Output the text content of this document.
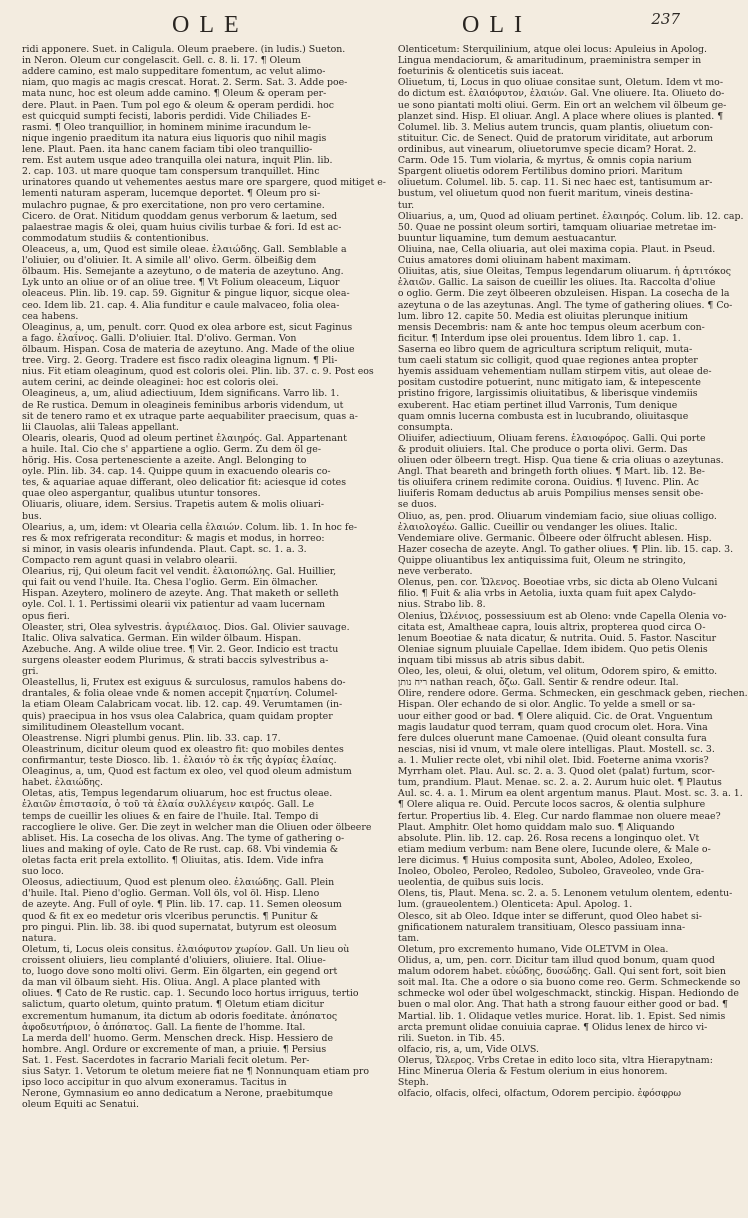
OLE	OLI	237
ridi apponere. Suet. in Caligula. Oleum praebere. (in ludis.) Sueton.
in Neron. Oleum cur congelascit. Gell. c. 8. li. 17. ¶ Oleum
addere camino, est malo suppeditare fomentum, ac velut alimo-
niam, quo magis ac magis crescat. Horat. 2. Serm. Sat. 3. Adde poe-
mata nunc, hoc est oleum adde camino. ¶ Oleum & operam per-
dere. Plaut. in Paen. Tum pol ego & oleum & operam perdidi. hoc
est quicquid sumpti fecisti, laboris perdidi. Vide Chiliades E-
rasmi. ¶ Oleo tranquillior, in hominem minime iracundum le-
nique ingenio praeditum ita natura eius liquoris quo nihil magis
lene. Plaut. Paen. ita hanc canem faciam tibi oleo tranquillio-
rem. Est autem usque adeo tranquilla olei natura, inquit Plin. lib.
2. cap. 103. ut mare quoque tam conspersum tranquillet. Hinc
urinatores quando ut vehementes aestus mare ore spargere, quod mitiget e-
lementi naturam asperam, lucemque deportet. ¶ Oleum pro si-
mulachro pugnae, & pro exercitatione, non pro vero certamine.
Cicero. de Orat. Nitidum quoddam genus verborum & laetum, sed
palaestrae magis & olei, quam huius civilis turbae & fori. Id est ac-
commodatum studiis & contentionibus.
Oleaceus, a, um, Quod est simile oleae. ἐλαιώδης. Gall. Semblable a
l'oliuier, ou d'oliuier. It. A simile all' olivo. Germ. ölbeißig dem
ölbaum. His. Semejante a azeytuno, o de materia de azeytuno. Ang.
Lyk unto an oliue or of an oliue tree. ¶ Vt Folium oleaceum, Liquor
oleaceus. Plin. lib. 19. cap. 59. Gignitur & pingue liquor, sicque olea-
ceo. Idem lib. 21. cap. 4. Alia funditur e caule malvaceo, folia olea-
cea habens.
Oleaginus, a, um, penult. corr. Quod ex olea arbore est, sicut Faginus
a fago. ἐλαΐνος. Galli. D'oliuier. Ital. D'olivo. German. Von
ölbaum. Hispan. Cosa de materia de azeytuno. Ang. Made of the oliue
tree. Virg. 2. Georg. Tradere est fisco radix oleagina lignum. ¶ Pli-
nius. Fit etiam oleaginum, quod est coloris olei. Plin. lib. 37. c. 9. Post eos
autem cerini, ac deinde oleaginei: hoc est coloris olei.
Oleagineus, a, um, aliud adiectiuum, Idem significans. Varro lib. 1.
de Re rustica. Demum in oleagineis feminibus arboris videndum, ut
sit de tenero ramo et ex utraque parte aequabiliter praecisum, quas a-
lii Clauolas, alii Taleas appellant.
Olearis, olearis, Quod ad oleum pertinet ἐλαιηρός. Gal. Appartenant
a huile. Ital. Cio che s' appartiene a oglio. Germ. Zu dem öl ge-
hörig. His. Cosa pertenesciente a azeite. Angl. Belonging to
oyle. Plin. lib. 34. cap. 14. Quippe quum in exacuendo olearis co-
tes, & aquariae aquae differant, oleo delicatior fit: aciesque id cotes
quae oleo aspergantur, qualibus utuntur tonsores.
Oliuaris, oliuare, idem. Sersius. Trapetis autem & molis oliuari-
bus.
Olearius, a, um, idem: vt Olearia cella ἐλαιών. Colum. lib. 1. In hoc fe-
res & mox refrigerata reconditur: & magis et modus, in horreo:
si minor, in vasis olearis infundenda. Plaut. Capt. sc. 1. a. 3.
Compacto rem agunt quasi in velabro olearii.
Olearius, rij, Qui oleum facit vel vendit. ἐλαιοπώλης. Gal. Huillier,
qui fait ou vend l'huile. Ita. Chesa l'oglio. Germ. Ein ölmacher.
Hispan. Azeytero, molinero de azeyte. Ang. That maketh or selleth
oyle. Col. l. 1. Pertissimi olearii vix patientur ad vaam lucernam
opus fieri.
Oleaster, stri, Olea sylvestris. ἀγριέλαιος. Dios. Gal. Olivier sauvage.
Italic. Oliva salvatica. German. Ein wilder ölbaum. Hispan.
Azebuche. Ang. A wilde oliue tree. ¶ Vir. 2. Geor. Indicio est tractu
surgens oleaster eodem Plurimus, & strati baccis sylvestribus a-
gri.
Oleastellus, li, Frutex est exiguus & surculosus, ramulos habens do-
drantales, & folia oleae vnde & nomen accepit ζηματίνη. Columel-
la etiam Oleam Calabricam vocat. lib. 12. cap. 49. Verumtamen (in-
quis) praecipua in hos vsus olea Calabrica, quam quidam propter
similitudinem Oleastellum vocant.
Oleastrense. Nigri plumbi genus. Plin. lib. 33. cap. 17.
Oleastrinum, dicitur oleum quod ex oleastro fit: quo mobiles dentes
confirmantur, teste Diosco. lib. 1. ἐλαιόν τὸ ἐκ τῆς ἀγρίας ἐλαίας.
Oleaginus, a, um, Quod est factum ex oleo, vel quod oleum admistum
habet. ἐλαιώδης.
Oletas, atis, Tempus legendarum oliuarum, hoc est fructus oleae.
ἐλαιῶν ἐπιστασία, ὁ τοῦ τὰ ἐλαία συλλέγειν καιρός. Gall. Le
temps de cueillir les oliues & en faire de l'huile. Ital. Tempo di
raccogliere le olive. Ger. Die zeyt in welcher man die Oliuen oder ölbeere
abliset. His. La cosecha de los olivas. Ang. The tyme of gathering o-
liues and making of oyle. Cato de Re rust. cap. 68. Vbi vindemia &
oletas facta erit prela extollito. ¶ Oliuitas, atis. Idem. Vide infra
suo loco.
Oleosus, adiectiuum, Quod est plenum oleo. ἐλαιώδης. Gall. Plein
d'huile. Ital. Pieno d'oglio. German. Voll öls, vol öl. Hisp. Lleno
de azeyte. Ang. Full of oyle. ¶ Plin. lib. 17. cap. 11. Semen oleosum
quod & fit ex eo medetur oris vlceribus perunctis. ¶ Punitur &
pro pingui. Plin. lib. 38. ibi quod supernatat, butyrum est oleosum
natura.
Oletum, ti, Locus oleis consitus. ἐλαιόφυτον χωρίον. Gall. Un lieu où
croissent oliuiers, lieu complanté d'oliuiers, oliuiere. Ital. Oliue-
to, luogo dove sono molti olivi. Germ. Ein ölgarten, ein gegend ort
da man vil ölbaum sieht. His. Oliua. Angl. A place planted with
oliues. ¶ Cato de Re rustic. cap. 1. Secundo loco hortus irriguus, tertio
salictum, quarto oletum, quinto pratum. ¶ Oletum etiam dicitur
excrementum humanum, ita dictum ab odoris foeditate. ἀπόπατος
ἀφοδευτήριον, ὁ ἀπόπατος. Gall. La fiente de l'homme. Ital.
La merda dell' huomo. Germ. Menschen dreck. Hisp. Hessiero de
hombre. Angl. Ordure or excremente of man, a priuie. ¶ Persius
Sat. 1. Fest. Sacerdotes in facrario Mariali fecit oletum. Per-
sius Satyr. 1. Vetorum te oletum meiere fiat ne ¶ Nonnunquam etiam pro
ipso loco accipitur in quo alvum exoneramus. Tacitus in
Nerone, Gymnasium eo anno dedicatum a Nerone, praebitumque
oleum Equiti ac Senatui.
Olenticetum: Sterquilinium, atque olei locus: Apuleius in Apolog.
Lingua mendaciorum, & amaritudinum, praeministra semper in
foeturinis & olenticetis suis iaceat.
Oliuetum, ti, Locus in quo oliuae consitae sunt, Oletum. Idem vt mo-
do dictum est. ἐλαιόφυτον, ἐλαιών. Gal. Vne oliuere. Ita. Oliueto do-
ue sono piantati molti oliui. Germ. Ein ort an welchem vil ölbeum ge-
planzet sind. Hisp. El oliuar. Angl. A place where oliues is planted. ¶
Columel. lib. 3. Melius autem truncis, quam plantis, oliuetum con-
stituitur. Cic. de Senect. Quid de pratorum viriditate, aut arborum
ordinibus, aut vinearum, oliuetorumve specie dicam? Horat. 2.
Carm. Ode 15. Tum violaria, & myrtus, & omnis copia narium
Spargent oliuetis odorem Fertilibus domino priori. Maritum
oliuetum. Columel. lib. 5. cap. 11. Si nec haec est, tantisumum ar-
bustum, vel oliuetum quod non fuerit maritum, vineis destina-
tur.
Oliuarius, a, um, Quod ad oliuam pertinet. ἐλαιηρός. Colum. lib. 12. cap.
50. Quae ne possint oleum sortiri, tamquam oliuariae metretae im-
buuntur liquamine, tum demum aestuacantur.
Oliuina, nae, Cella oliuaria, aut olei maxima copia. Plaut. in Pseud.
Cuius amatores domi oliuinam habent maximam.
Oliuitas, atis, siue Oleitas, Tempus legendarum oliuarum. ἡ ἀρτιτόκος
ἐλαιῶν. Gallic. La saison de cueillir les oliues. Ita. Raccolta d'oliue
o oglio. Germ. Die zeyt ölbeeren obzuleisen. Hispan. La cosecha de la
azeytuna o de las azeytunas. Angl. The tyme of gathering oliues. ¶ Co-
lum. libro 12. capite 50. Media est oliuitas plerunque initium
mensis Decembris: nam & ante hoc tempus oleum acerbum con-
ficitur. ¶ Interdum ipse olei prouentus. Idem libro 1. cap. 1.
Saserna eo libro quem de agricultura scriptum reliquit, muta-
tum caeli statum sic colligit, quod quae regiones antea propter
hyemis assiduam vehementiam nullam stirpem vitis, aut oleae de-
positam custodire potuerint, nunc mitigato iam, & intepescente
pristino frigore, largissimis oliuitatibus, & liberisque vindemiis
exuberent. Hac etiam pertinet illud Varronis, Tum denique
quam omnis lucerna combusta est in lucubrando, oliuitasque
consumpta.
Oliuifer, adiectiuum, Oliuam ferens. ἐλαιοφόρος. Galli. Qui porte
& produit oliuiers. Ital. Che produce o porta olivi. Germ. Das
oliuen oder ölbeern tregt. Hisp. Qua tiene & cria oliuas o azeytunas.
Angl. That beareth and bringeth forth oliues. ¶ Mart. lib. 12. Be-
tis oliuifera crinem redimite corona. Ouidius. ¶ Iuvenc. Plin. Ac
liuiferis Romam deductus ab aruis Pompilius menses sensit obe-
se duos.
Oliuo, as, pen. prod. Oliuarum vindemiam facio, siue oliuas colligo.
ἐλαιολογέω. Gallic. Cueillir ou vendanger les oliues. Italic.
Vendemiare olive. Germanic. Ölbeere oder ölfrucht ablesen. Hisp.
Hazer cosecha de azeyte. Angl. To gather oliues. ¶ Plin. lib. 15. cap. 3.
Quippe oliuantibus lex antiquissima fuit, Oleum ne stringito,
neve verberato.
Olenus, pen. cor. Ὤλενος. Boeotiae vrbs, sic dicta ab Oleno Vulcani
filio. ¶ Fuit & alia vrbs in Aetolia, iuxta quam fuit apex Calydo-
nius. Strabo lib. 8.
Olenius, Ὠλένιος, possessiuum est ab Oleno: vnde Capella Olenia vo-
citata est, Amaltheae capra, louis altrix, propterea quod circa O-
lenum Boeotiae & nata dicatur, & nutrita. Ouid. 5. Fastor. Nascitur
Oleniae signum pluuiale Capellae. Idem ibidem. Quo petis Olenis
inquam tibi missus ab atris sibus dabit.
Oleo, les, oleui, & olui, oletum, vel olitum, Odorem spiro, & emitto.
ריח נותן nathan reach, ὄζω. Gall. Sentir & rendre odeur. Ital.
Olire, rendere odore. Germa. Schmecken, ein geschmack geben, riechen.
Hispan. Oler echando de si olor. Anglic. To yelde a smell or sa-
uour either good or bad. ¶ Olere aliquid. Cic. de Orat. Vnguentum
magis laudatur quod terram, quam quod crocum olet. Hora. Vina
fere dulces oluerunt mane Camoenae. (Quid oleant consulta fura
nescias, nisi id vnum, vt male olere intelligas. Plaut. Mostell. sc. 3.
a. 1. Mulier recte olet, vbi nihil olet. Ibid. Foeterne anima vxoris?
Myrrham olet. Plau. Aul. sc. 2. a. 3. Quod olet (palat) furtum, scor-
tum, prandium. Plaut. Menae. sc. 2. a. 2. Aurum huic olet. ¶ Plautus
Aul. sc. 4. a. 1. Mirum ea olent argentum manus. Plaut. Most. sc. 3. a. 1.
¶ Olere aliqua re. Ouid. Percute locos sacros, & olentia sulphure
fertur. Propertius lib. 4. Eleg. Cur nardo flammae non oluere meae?
Plaut. Amphitr. Olet homo quiddam malo suo. ¶ Aliquando
absolute. Plin. lib. 12. cap. 26. Rosa recens a longinquo olet. Vt
etiam medium verbum: nam Bene olere, Iucunde olere, & Male o-
lere dicimus. ¶ Huius composita sunt, Aboleo, Adoleo, Exoleo,
Inoleo, Oboleo, Peroleo, Redoleo, Suboleo, Graveoleo, vnde Gra-
ueolentia, de quibus suis locis.
Olens, tis, Plaut. Mena. sc. 2. a. 5. Lenonem vetulum olentem, edentu-
lum. (graueolentem.) Olenticeta: Apul. Apolog. 1.
Olesco, sit ab Oleo. Idque inter se differunt, quod Oleo habet si-
gnificationem naturalem transitiuam, Olesco passiuam inna-
tam.
Oletum, pro excremento humano, Vide OLETVM in Olea.
Olidus, a, um, pen. corr. Dicitur tam illud quod bonum, quam quod
malum odorem habet. εὐώδης, δυσώδης. Gall. Qui sent fort, soit bien
soit mal. Ita. Che a odore o sia buono come reo. Germ. Schmeckende so
schmecke wol oder übel wolgeschmackt, stinckig. Hispan. Hediondo de
buen o mal olor. Ang. That hath a strong fauour either good or bad. ¶
Martial. lib. 1. Olidaque vetles murice. Horat. lib. 1. Epist. Sed nimis
arcta premunt olidae conuiuia caprae. ¶ Olidus lenex de hirco vi-
rili. Sueton. in Tib. 45.
olfacio, ris, a, um, Vide OLVS.
Olerus, Ὤλερος. Vrbs Cretae in edito loco sita, vltra Hierapytnam:
Hinc Minerua Oleria & Festum olerium in eius honorem.
Steph.
olfacio, olfacis, olfeci, olfactum, Odorem percipio. ἐφόσφρω
